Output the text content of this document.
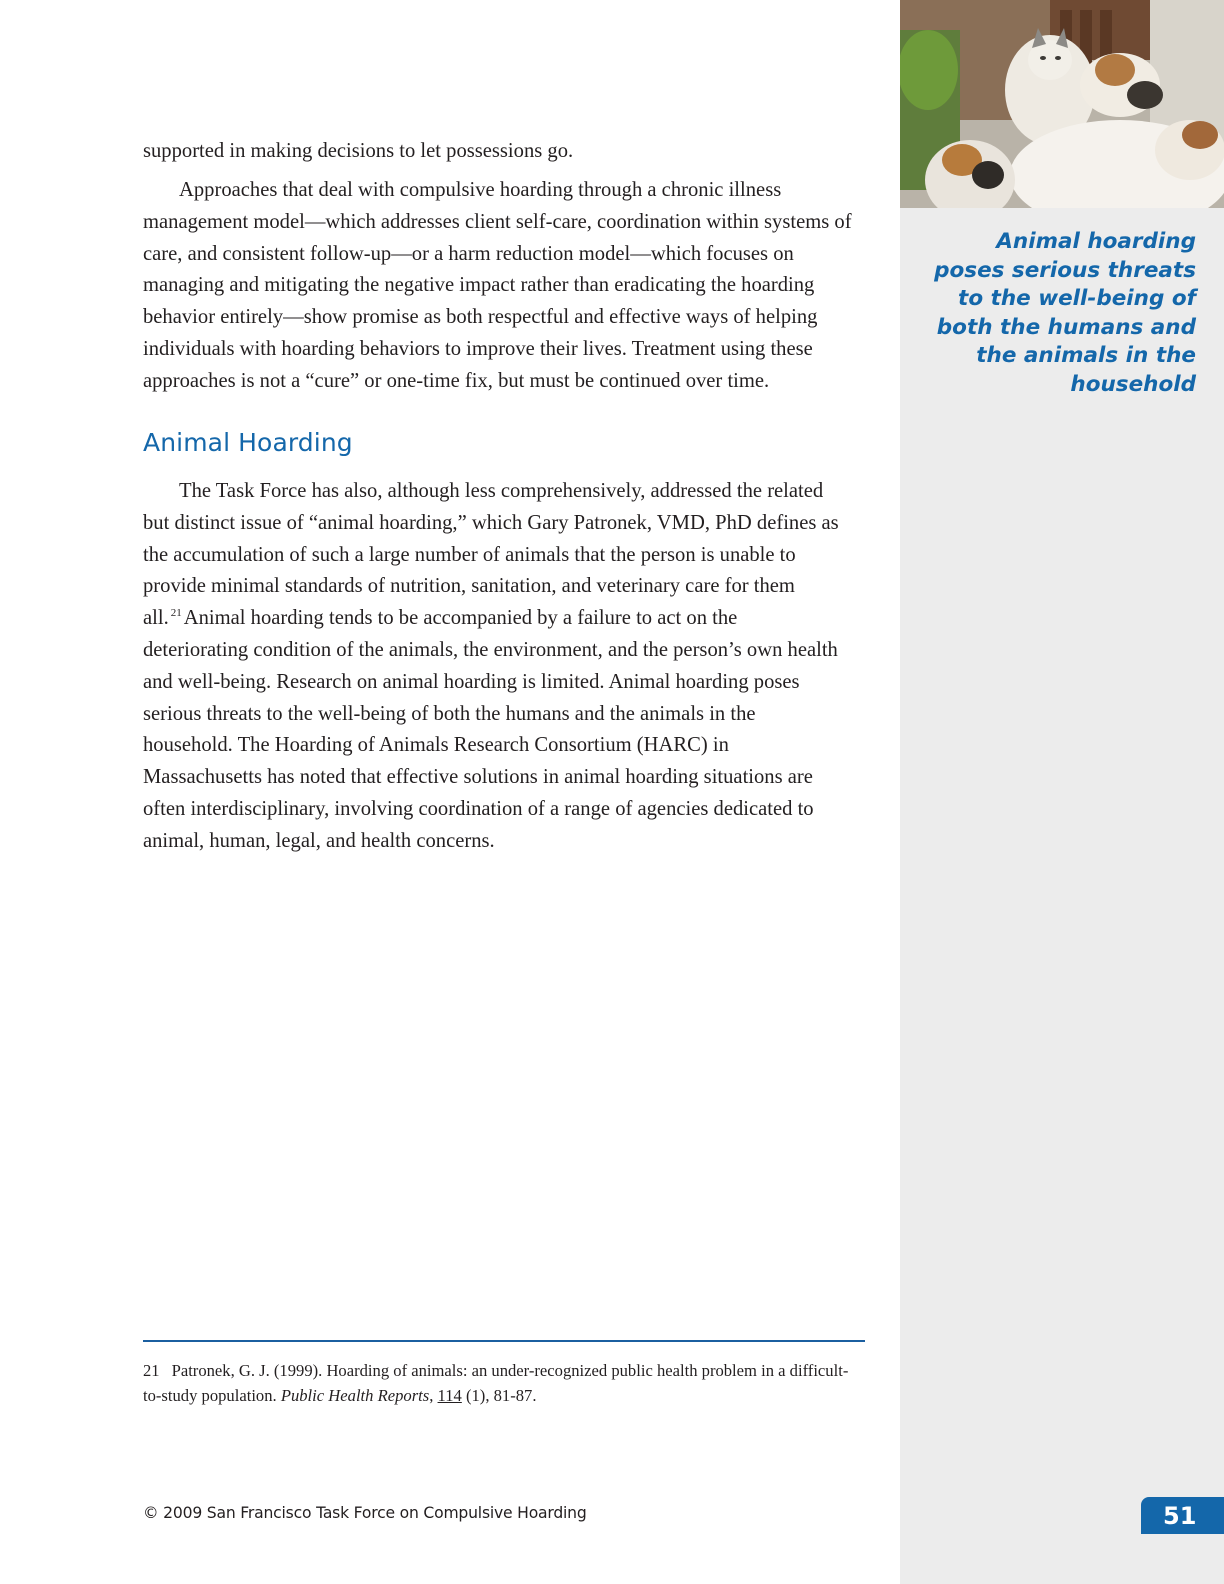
Animal hoarding poses serious threats to the well-being of both the humans and the animals in the household

supported in making decisions to let possessions go.

Approaches that deal with compulsive hoarding through a chronic illness management model—which addresses client self-care, coordination within systems of care, and consistent follow-up—or a harm reduction model—which focuses on managing and mitigating the negative impact rather than eradicating the hoarding behavior entirely—show promise as both respectful and effective ways of helping individuals with hoarding behaviors to improve their lives. Treatment using these approaches is not a “cure” or one-time fix, but must be continued over time.

Animal Hoarding

The Task Force has also, although less comprehensively, addressed the related but distinct issue of “animal hoarding,” which Gary Patronek, VMD, PhD defines as the accumulation of such a large number of animals that the person is unable to provide minimal standards of nutrition, sanitation, and veterinary care for them all. $^{21}$Animal hoarding tends to be accompanied by a failure to act on the deteriorating condition of the animals, the environment, and the person’s own health and well-being. Research on animal hoarding is limited. Animal hoarding poses serious threats to the well-being of both the humans and the animals in the household. The Hoarding of Animals Research Consortium (HARC) in Massachusetts has noted that effective solutions in animal hoarding situations are often interdisciplinary, involving coordination of a range of agencies dedicated to animal, human, legal, and health concerns.

21 Patronek, G. J. (1999). Hoarding of animals: an under-recognized public health problem in a difficult-to-study population. Public Health Reports, 114 (1), 81-87.
© 2009 San Francisco Task Force on Compulsive Hoarding	51
